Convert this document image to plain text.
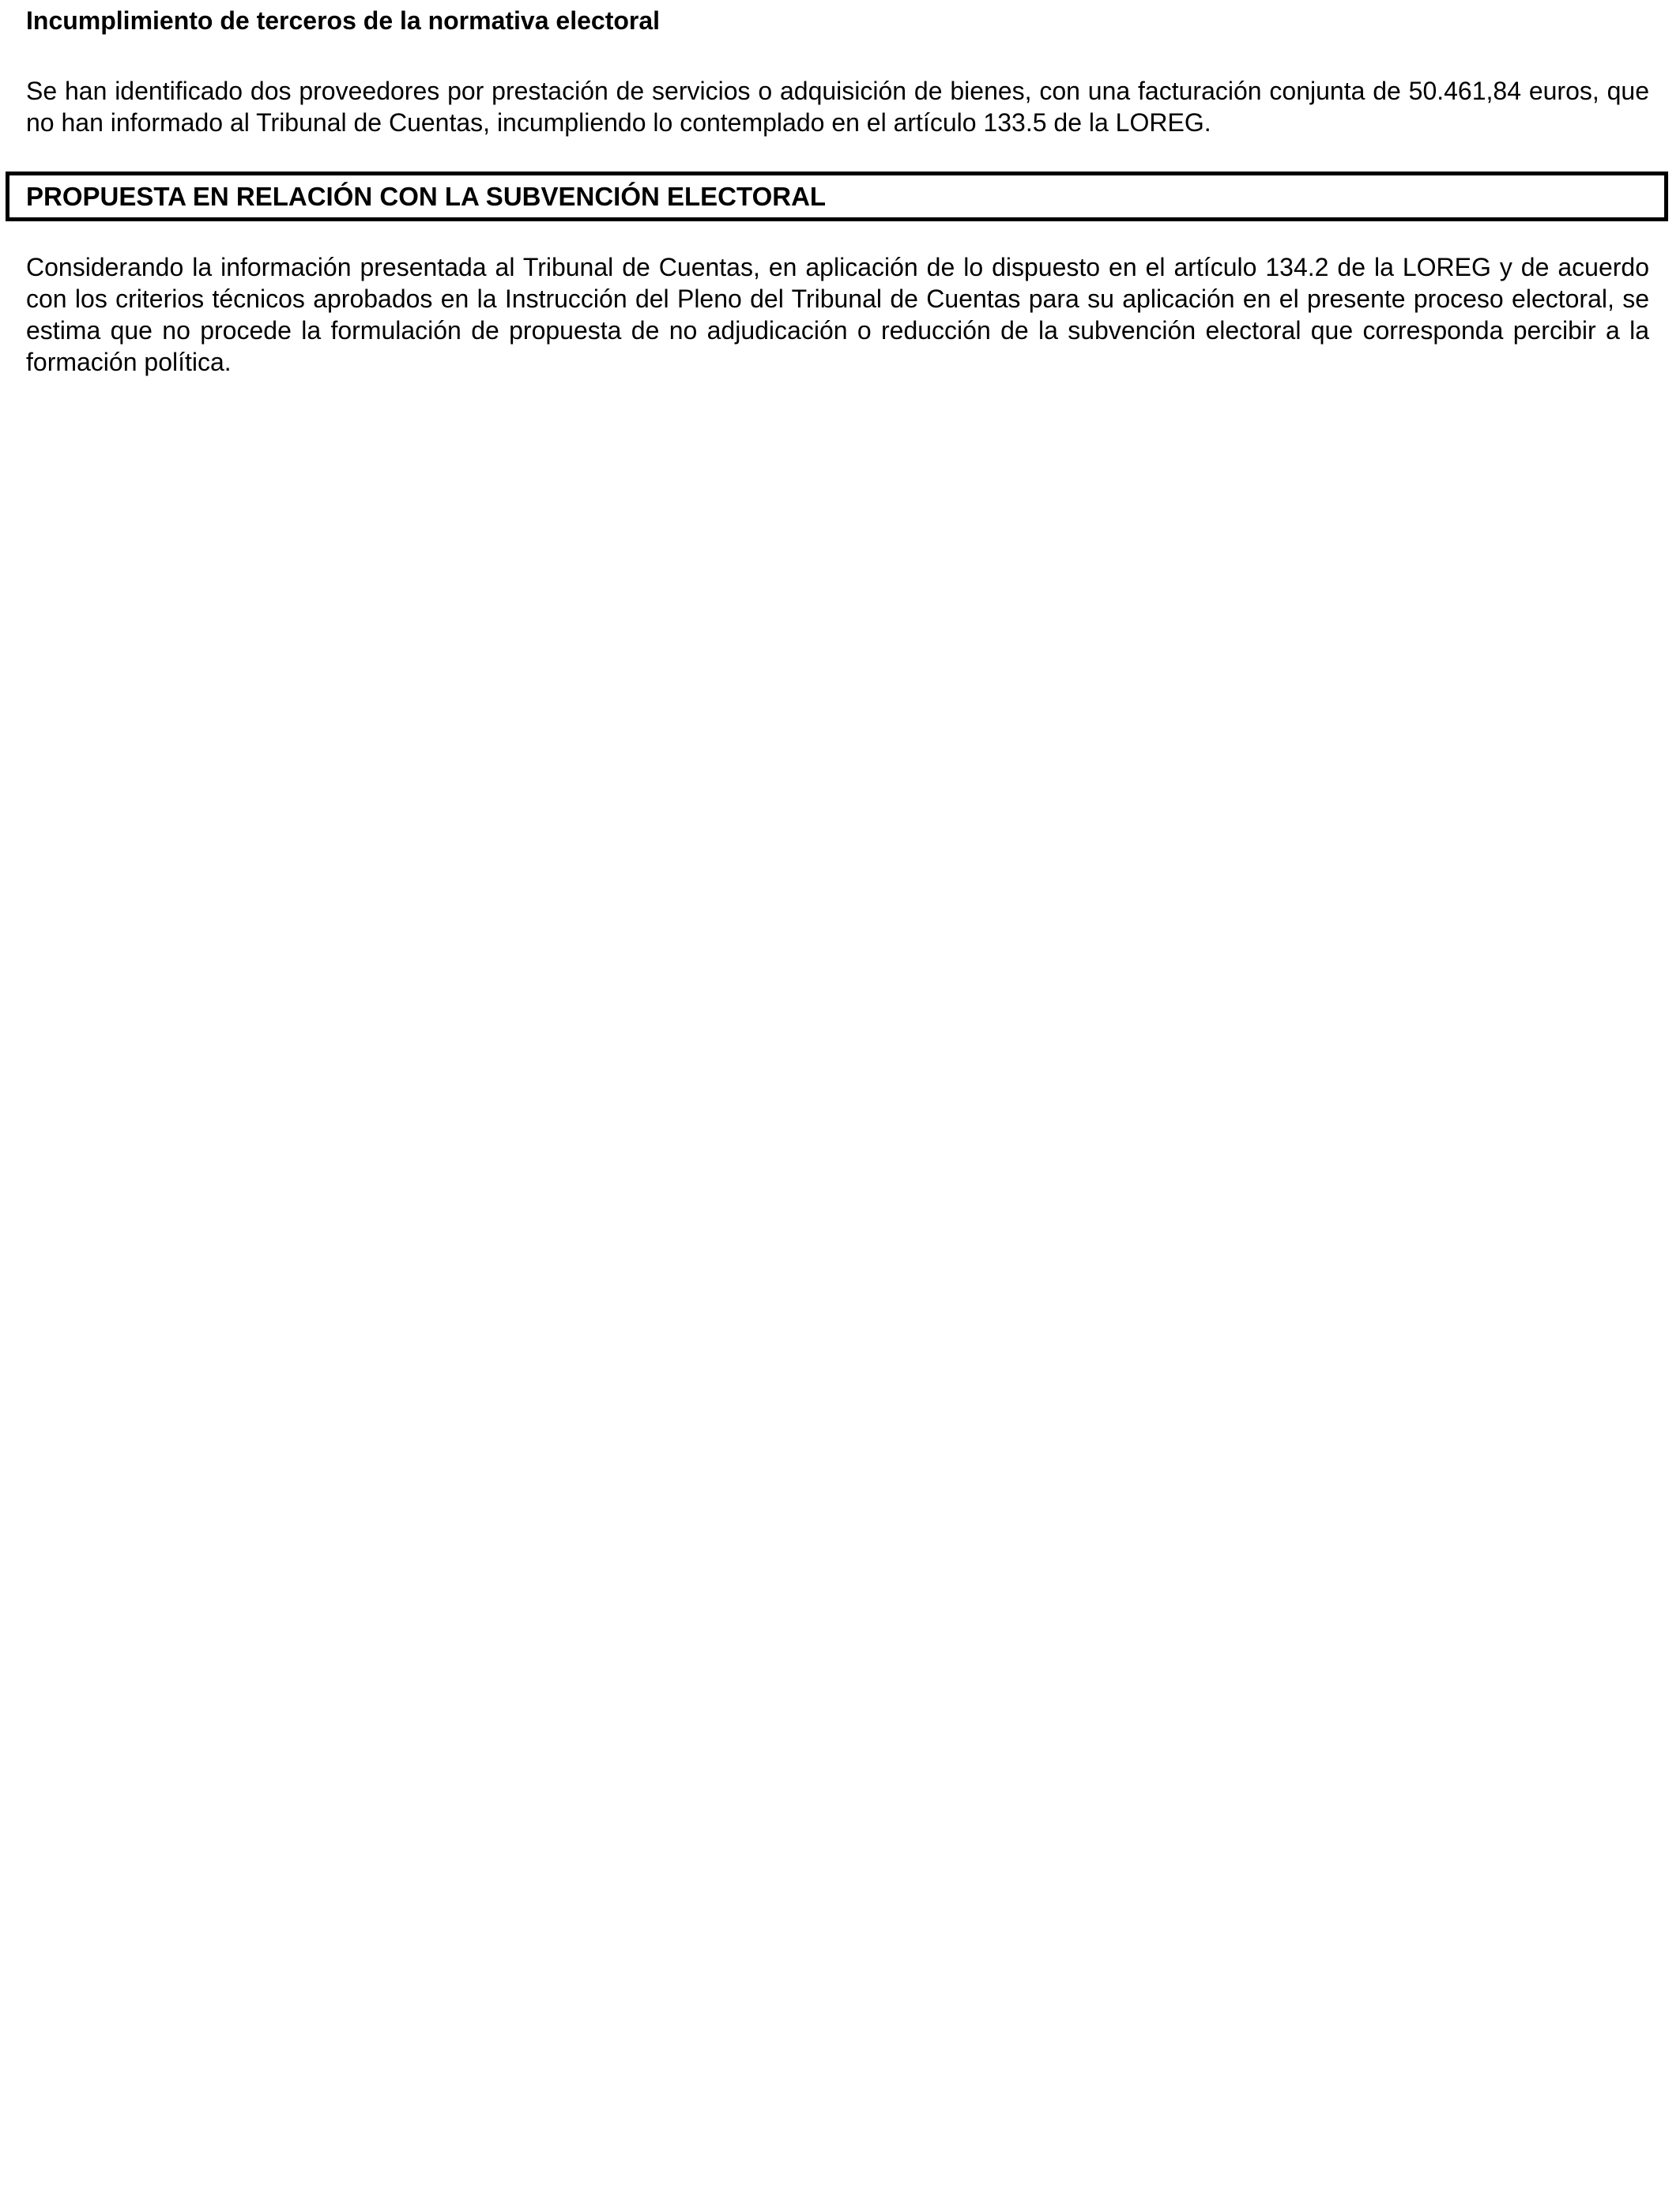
Incumplimiento de terceros de la normativa electoral

Se han identificado dos proveedores por prestación de servicios o adquisición de bienes, con una facturación conjunta de 50.461,84 euros, que no han informado al Tribunal de Cuentas, incumpliendo lo contemplado en el artículo 133.5 de la LOREG.

PROPUESTA EN RELACIÓN CON LA SUBVENCIÓN ELECTORAL

Considerando la información presentada al Tribunal de Cuentas, en aplicación de lo dispuesto en el artículo 134.2 de la LOREG y de acuerdo con los criterios técnicos aprobados en la Instrucción del Pleno del Tribunal de Cuentas para su aplicación en el presente proceso electoral, se estima que no procede la formulación de propuesta de no adjudicación o reducción de la subvención electoral que corresponda percibir a la formación política.
